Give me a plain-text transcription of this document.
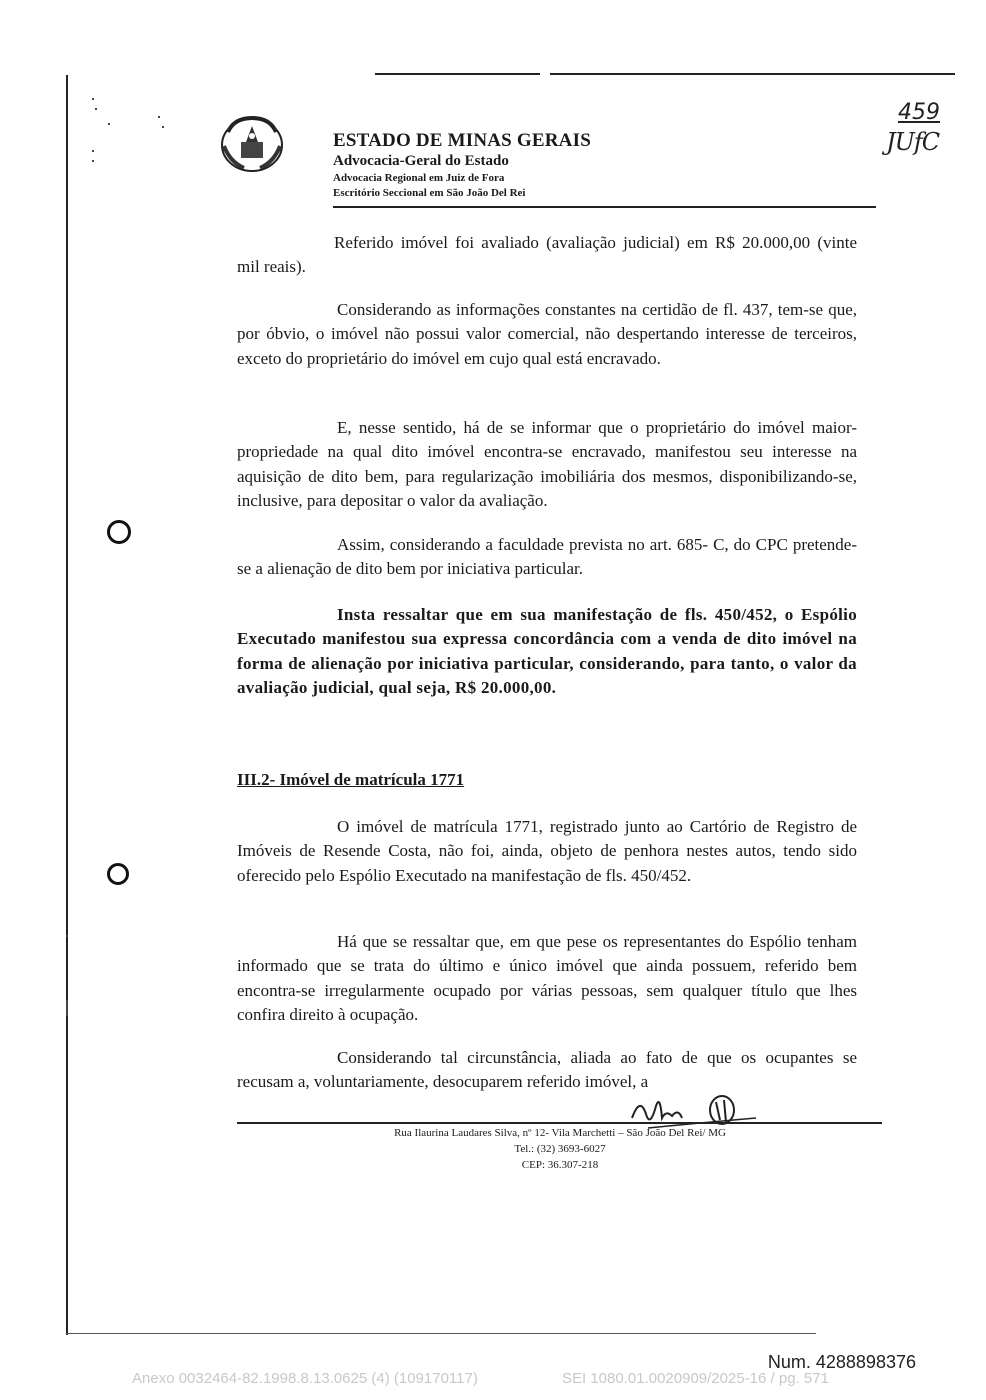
ESTADO DE MINAS GERAIS
Advocacia-Geral do Estado
Advocacia Regional em Juiz de Fora
Escritório Seccional em São João Del Rei
459
JUfC

Referido imóvel foi avaliado (avaliação judicial) em R$ 20.000,00 (vinte mil reais).

Considerando as informações constantes na certidão de fl. 437, tem-se que, por óbvio, o imóvel não possui valor comercial, não despertando interesse de terceiros, exceto do proprietário do imóvel em cujo qual está encravado.

E, nesse sentido, há de se informar que o proprietário do imóvel maior- propriedade na qual dito imóvel encontra-se encravado, manifestou seu interesse na aquisição de dito bem, para regularização imobiliária dos mesmos, disponibilizando-se, inclusive, para depositar o valor da avaliação.

Assim, considerando a faculdade prevista no art. 685- C, do CPC pretende-se a alienação de dito bem por iniciativa particular.

Insta ressaltar que em sua manifestação de fls. 450/452, o Espólio Executado manifestou sua expressa concordância com a venda de dito imóvel na forma de alienação por iniciativa particular, considerando, para tanto, o valor da avaliação judicial, qual seja, R$ 20.000,00.

III.2- Imóvel de matrícula 1771

O imóvel de matrícula 1771, registrado junto ao Cartório de Registro de Imóveis de Resende Costa, não foi, ainda, objeto de penhora nestes autos, tendo sido oferecido pelo Espólio Executado na manifestação de fls. 450/452.

Há que se ressaltar que, em que pese os representantes do Espólio tenham informado que se trata do último e único imóvel que ainda possuem, referido bem encontra-se irregularmente ocupado por várias pessoas, sem qualquer título que lhes confira direito à ocupação.

Considerando tal circunstância, aliada ao fato de que os ocupantes se recusam a, voluntariamente, desocuparem referido imóvel, a

Rua Ilaurina Laudares Silva, nº 12- Vila Marchetti – São João Del Rei/ MG
Tel.: (32) 3693-6027
CEP: 36.307-218
Num. 4288898376
Anexo 0032464-82.1998.8.13.0625 (4) (109170117)	SEI 1080.01.0020909/2025-16 / pg. 571
